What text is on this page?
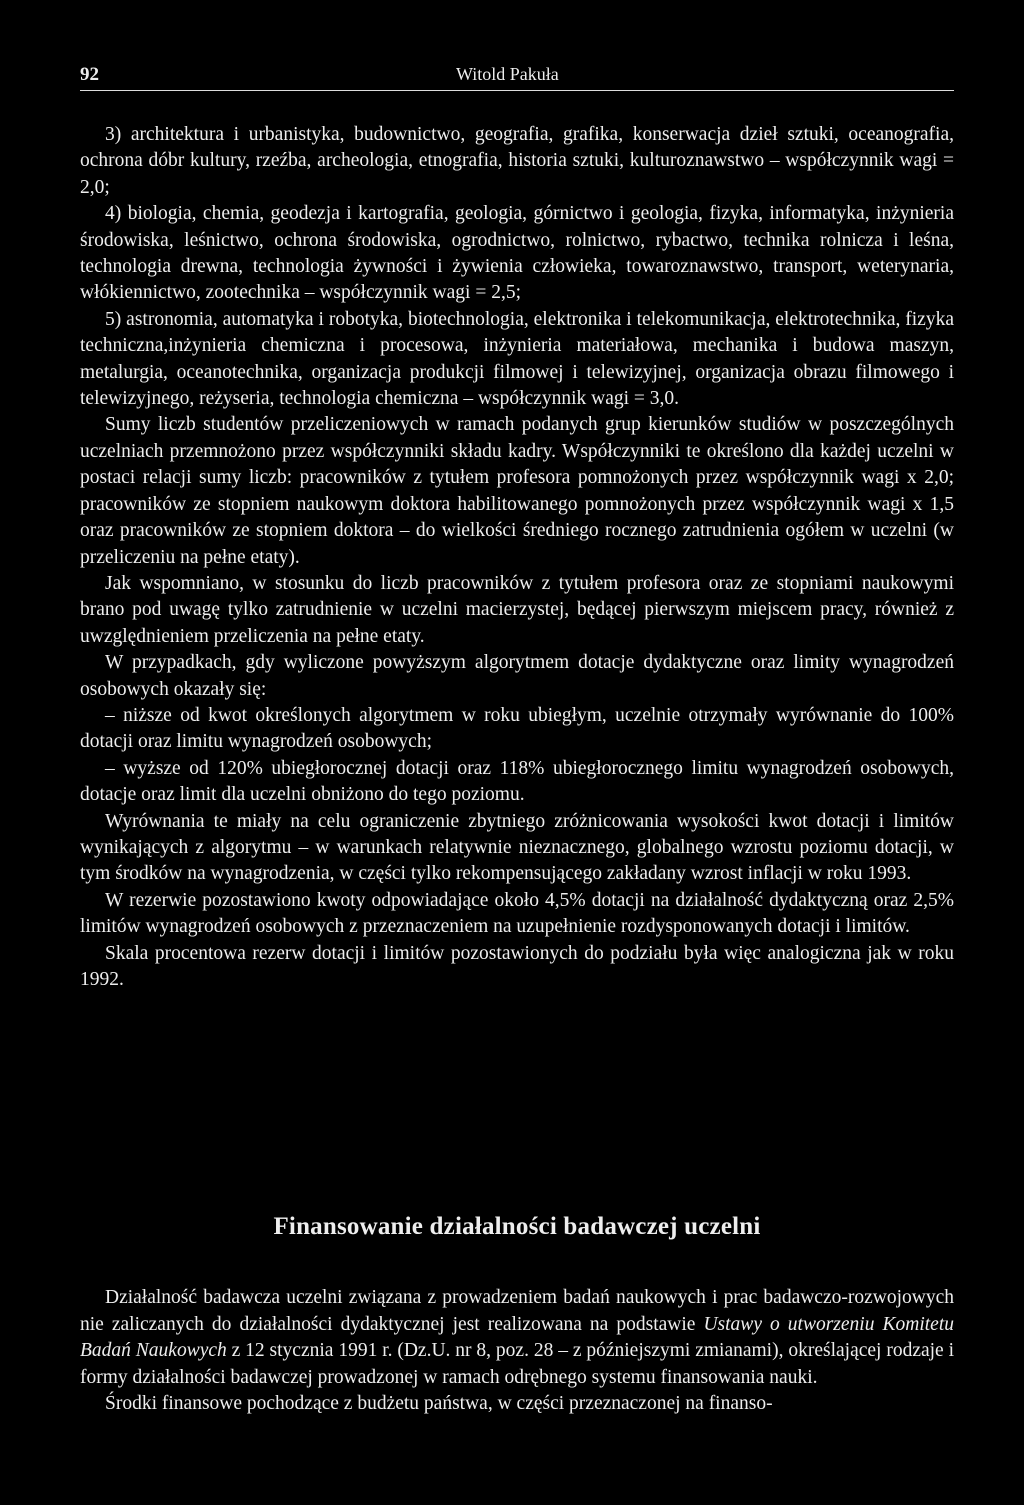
92	Witold Pakuła

3) architektura i urbanistyka, budownictwo, geografia, grafika, konserwacja dzieł sztuki, oceanografia, ochrona dóbr kultury, rzeźba, archeologia, etnografia, historia sztuki, kulturoznawstwo – współczynnik wagi = 2,0;

4) biologia, chemia, geodezja i kartografia, geologia, górnictwo i geologia, fizyka, informatyka, inżynieria środowiska, leśnictwo, ochrona środowiska, ogrodnictwo, rolnictwo, rybactwo, technika rolnicza i leśna, technologia drewna, technologia żywności i żywienia człowieka, towaroznawstwo, transport, weterynaria, włókiennictwo, zootechnika – współczynnik wagi = 2,5;

5) astronomia, automatyka i robotyka, biotechnologia, elektronika i telekomunikacja, elektrotechnika, fizyka techniczna,inżynieria chemiczna i procesowa, inżynieria materiałowa, mechanika i budowa maszyn, metalurgia, oceanotechnika, organizacja produkcji filmowej i telewizyjnej, organizacja obrazu filmowego i telewizyjnego, reżyseria, technologia chemiczna – współczynnik wagi = 3,0.

Sumy liczb studentów przeliczeniowych w ramach podanych grup kierunków studiów w poszczególnych uczelniach przemnożono przez współczynniki składu kadry. Współczynniki te określono dla każdej uczelni w postaci relacji sumy liczb: pracowników z tytułem profesora pomnożonych przez współczynnik wagi x 2,0; pracowników ze stopniem naukowym doktora habilitowanego pomnożonych przez współczynnik wagi x 1,5 oraz pracowników ze stopniem doktora – do wielkości średniego rocznego zatrudnienia ogółem w uczelni (w przeliczeniu na pełne etaty).

Jak wspomniano, w stosunku do liczb pracowników z tytułem profesora oraz ze stopniami naukowymi brano pod uwagę tylko zatrudnienie w uczelni macierzystej, będącej pierwszym miejscem pracy, również z uwzględnieniem przeliczenia na pełne etaty.

W przypadkach, gdy wyliczone powyższym algorytmem dotacje dydaktyczne oraz limity wynagrodzeń osobowych okazały się:

– niższe od kwot określonych algorytmem w roku ubiegłym, uczelnie otrzymały wyrównanie do 100% dotacji oraz limitu wynagrodzeń osobowych;

– wyższe od 120% ubiegłorocznej dotacji oraz 118% ubiegłorocznego limitu wynagrodzeń osobowych, dotacje oraz limit dla uczelni obniżono do tego poziomu.

Wyrównania te miały na celu ograniczenie zbytniego zróżnicowania wysokości kwot dotacji i limitów wynikających z algorytmu – w warunkach relatywnie nieznacznego, globalnego wzrostu poziomu dotacji, w tym środków na wynagrodzenia, w części tylko rekompensującego zakładany wzrost inflacji w roku 1993.

W rezerwie pozostawiono kwoty odpowiadające około 4,5% dotacji na działalność dydaktyczną oraz 2,5% limitów wynagrodzeń osobowych z przeznaczeniem na uzupełnienie rozdysponowanych dotacji i limitów.

Skala procentowa rezerw dotacji i limitów pozostawionych do podziału była więc analogiczna jak w roku 1992.

Finansowanie działalności badawczej uczelni

Działalność badawcza uczelni związana z prowadzeniem badań naukowych i prac badawczo-rozwojowych nie zaliczanych do działalności dydaktycznej jest realizowana na podstawie Ustawy o utworzeniu Komitetu Badań Naukowych z 12 stycznia 1991 r. (Dz.U. nr 8, poz. 28 – z późniejszymi zmianami), określającej rodzaje i formy działalności badawczej prowadzonej w ramach odrębnego systemu finansowania nauki.

Środki finansowe pochodzące z budżetu państwa, w części przeznaczonej na finanso-
